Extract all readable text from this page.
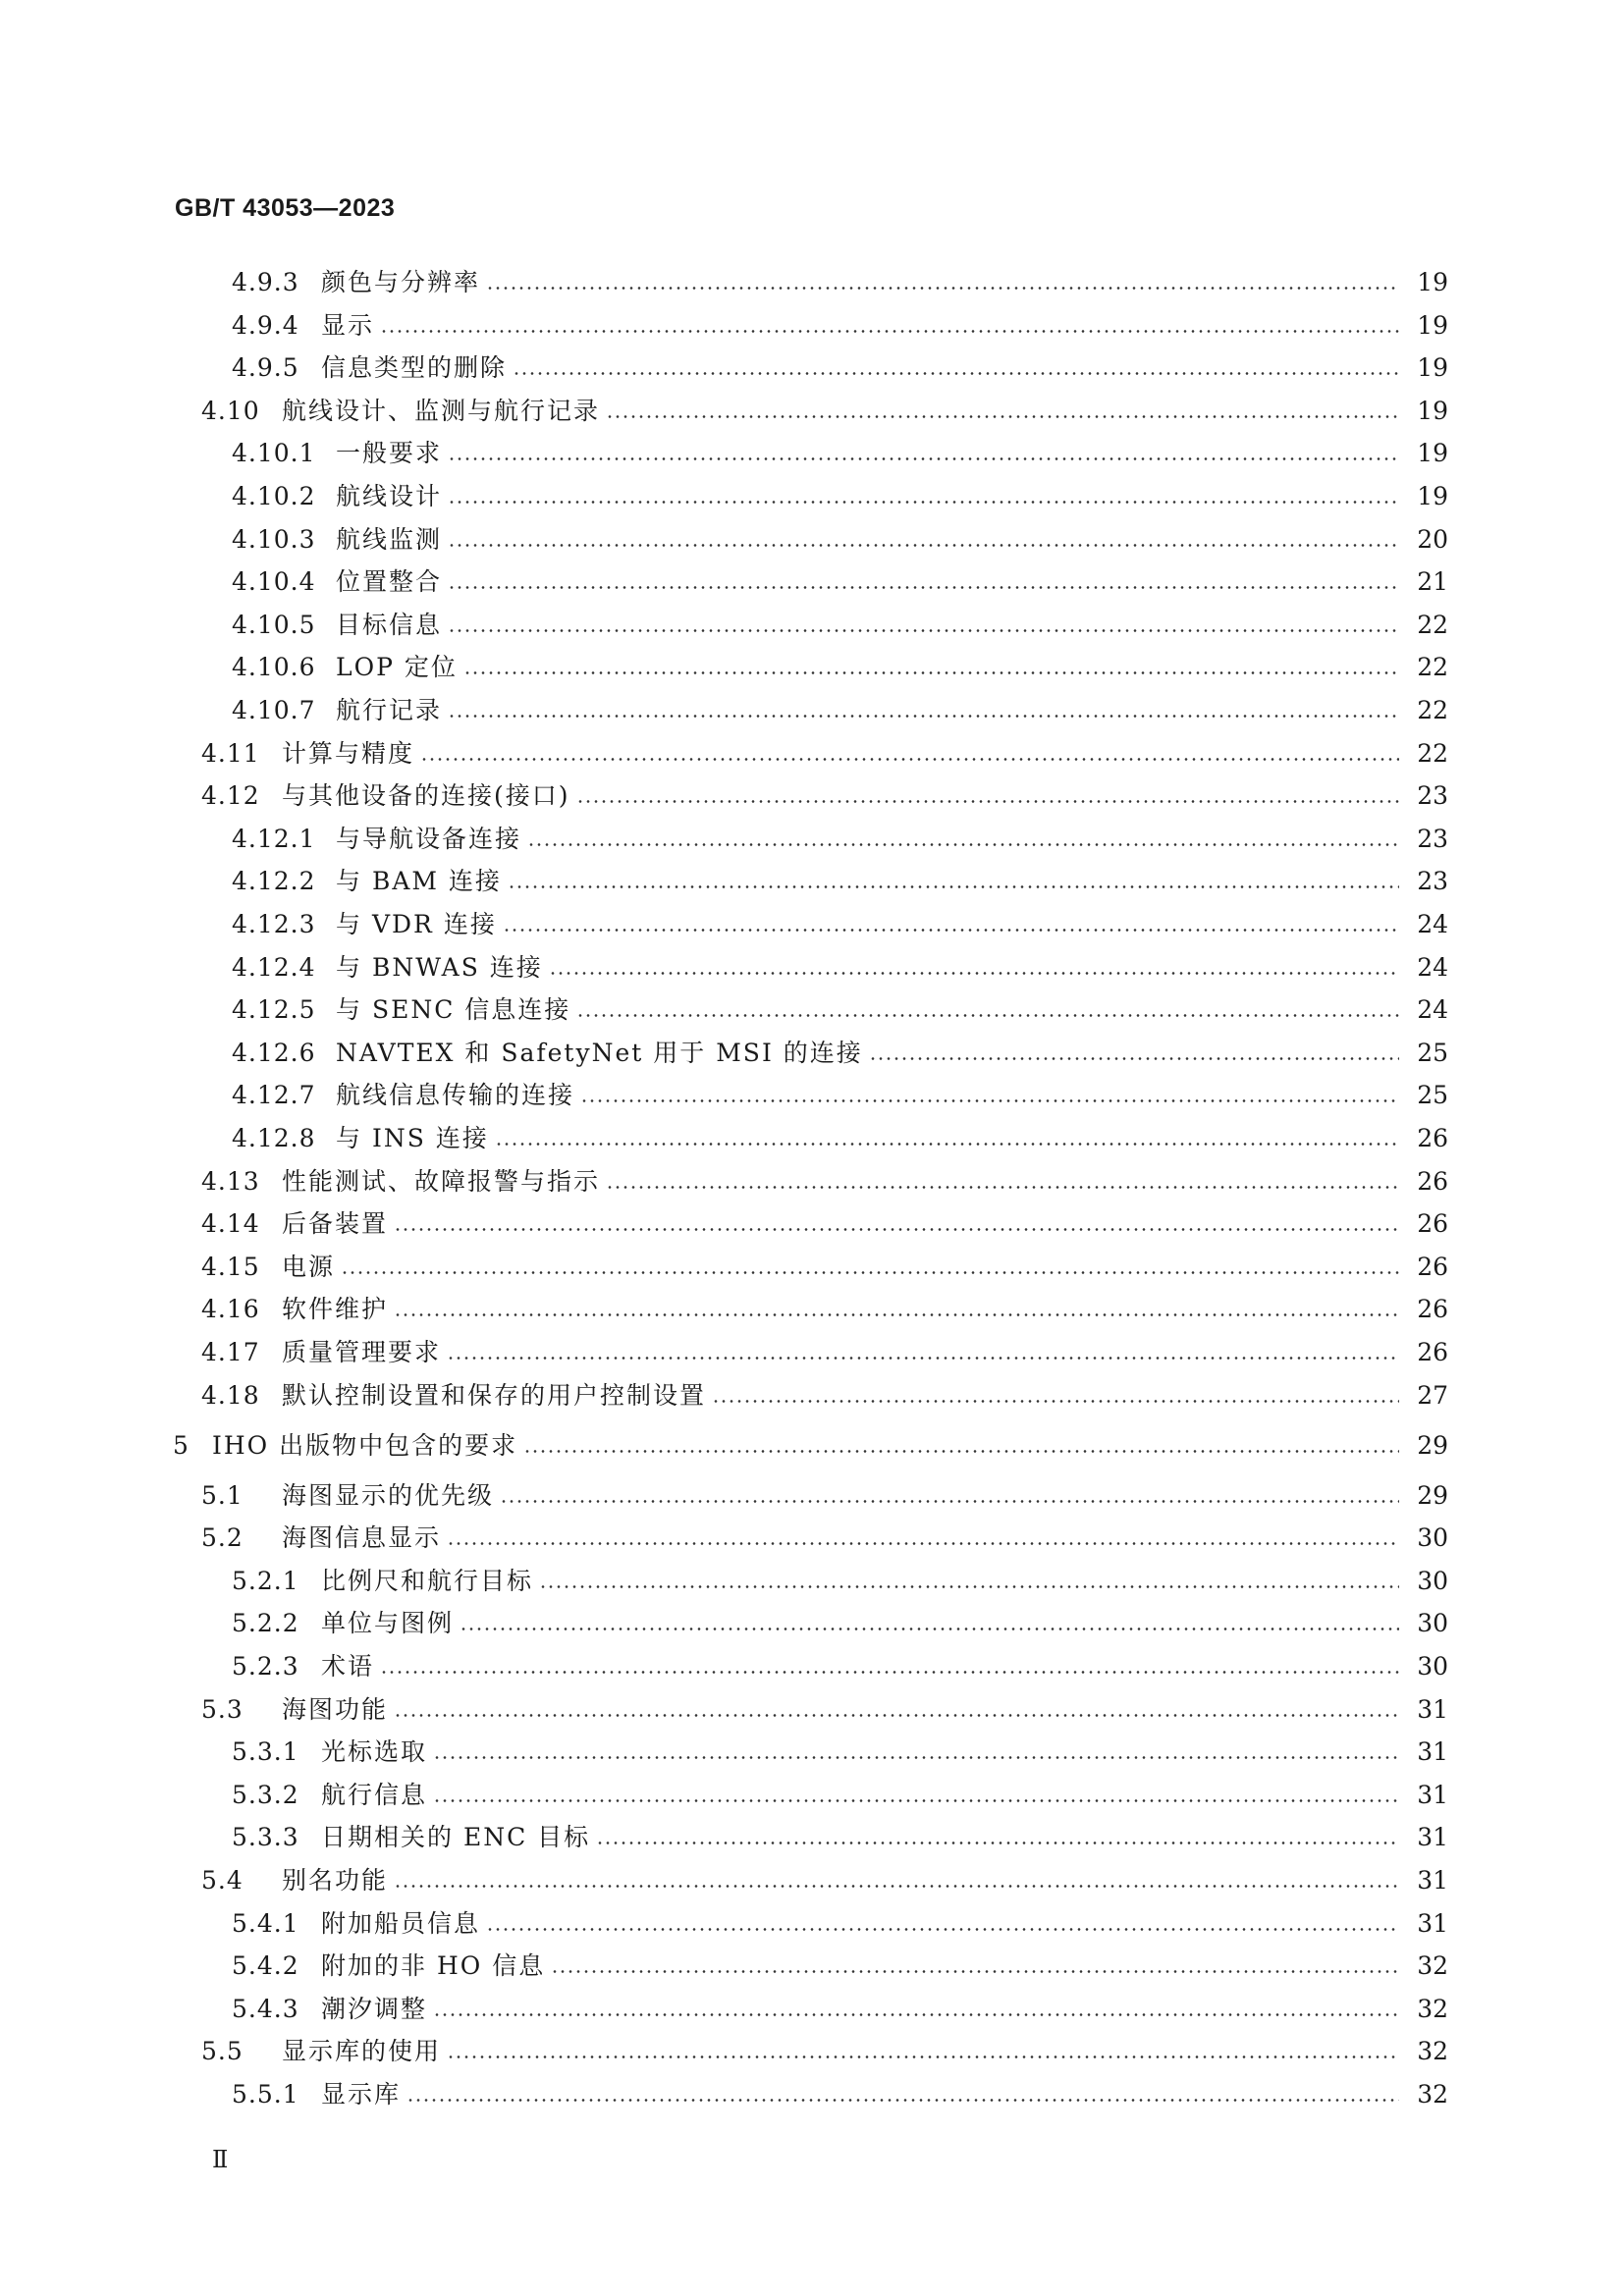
GB/T 43053—2023
4.9.3 颜色与分辨率	19
4.9.4 显示	19
4.9.5 信息类型的删除	19
4.10 航线设计、监测与航行记录	19
4.10.1 一般要求	19
4.10.2 航线设计	19
4.10.3 航线监测	20
4.10.4 位置整合	21
4.10.5 目标信息	22
4.10.6 LOP 定位	22
4.10.7 航行记录	22
4.11 计算与精度	22
4.12 与其他设备的连接(接口)	23
4.12.1 与导航设备连接	23
4.12.2 与 BAM 连接	23
4.12.3 与 VDR 连接	24
4.12.4 与 BNWAS 连接	24
4.12.5 与 SENC 信息连接	24
4.12.6 NAVTEX 和 SafetyNet 用于 MSI 的连接	25
4.12.7 航线信息传输的连接	25
4.12.8 与 INS 连接	26
4.13 性能测试、故障报警与指示	26
4.14 后备装置	26
4.15 电源	26
4.16 软件维护	26
4.17 质量管理要求	26
4.18 默认控制设置和保存的用户控制设置	27
5 IHO 出版物中包含的要求	29
5.1	海图显示的优先级	29
5.2	海图信息显示	30
5.2.1 比例尺和航行目标	30
5.2.2 单位与图例	30
5.2.3 术语	30
5.3	海图功能	31
5.3.1 光标选取	31
5.3.2 航行信息	31
5.3.3 日期相关的 ENC 目标	31
5.4	别名功能	31
5.4.1 附加船员信息	31
5.4.2 附加的非 HO 信息	32
5.4.3 潮汐调整	32
5.5	显示库的使用	32
5.5.1 显示库	32
Ⅱ
